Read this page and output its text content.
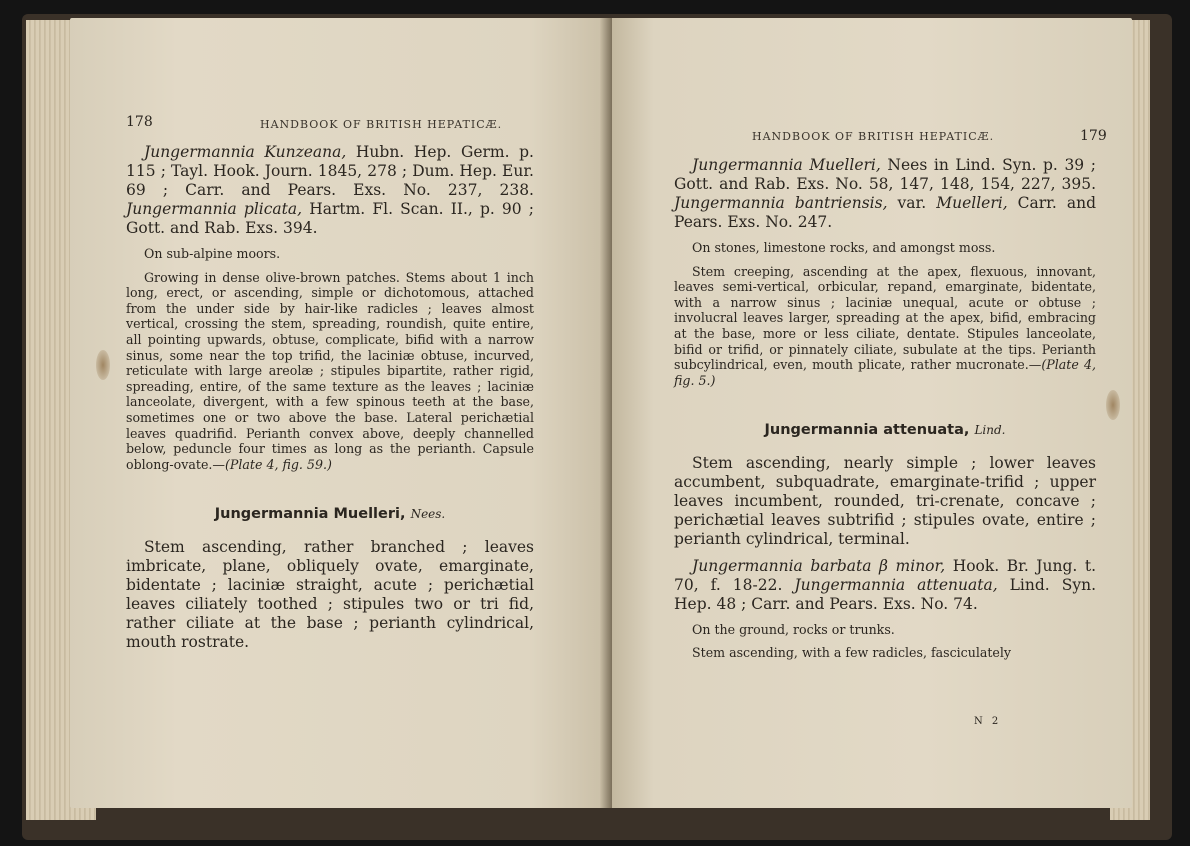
178	HANDBOOK OF BRITISH HEPATICÆ.

Jungermannia Kunzeana, Hubn. Hep. Germ. p. 115 ; Tayl. Hook. Journ. 1845, 278 ; Dum. Hep. Eur. 69 ; Carr. and Pears. Exs. No. 237, 238. Jungermannia plicata, Hartm. Fl. Scan. II., p. 90 ; Gott. and Rab. Exs. 394.

On sub-alpine moors.

Growing in dense olive-brown patches. Stems about 1 inch long, erect, or ascending, simple or dichotomous, attached from the under side by hair-like radicles ; leaves almost vertical, crossing the stem, spreading, roundish, quite entire, all pointing upwards, obtuse, complicate, bifid with a narrow sinus, some near the top trifid, the laciniæ obtuse, incurved, reticulate with large areolæ ; stipules bipartite, rather rigid, spreading, entire, of the same texture as the leaves ; laciniæ lanceolate, divergent, with a few spinous teeth at the base, sometimes one or two above the base. Lateral perichætial leaves quadrifid. Perianth convex above, deeply channelled below, peduncle four times as long as the perianth. Capsule oblong-ovate.—(Plate 4, fig. 59.)

Jungermannia Muelleri, Nees.

Stem ascending, rather branched ; leaves imbricate, plane, obliquely ovate, emarginate, bidentate ; laciniæ straight, acute ; perichætial leaves ciliately toothed ; stipules two or tri fid, rather ciliate at the base ; perianth cylindrical, mouth rostrate.

HANDBOOK OF BRITISH HEPATICÆ.	179

Jungermannia Muelleri, Nees in Lind. Syn. p. 39 ; Gott. and Rab. Exs. No. 58, 147, 148, 154, 227, 395. Jungermannia bantriensis, var. Muelleri, Carr. and Pears. Exs. No. 247.

On stones, limestone rocks, and amongst moss.

Stem creeping, ascending at the apex, flexuous, innovant, leaves semi-vertical, orbicular, repand, emarginate, bidentate, with a narrow sinus ; laciniæ unequal, acute or obtuse ; involucral leaves larger, spreading at the apex, bifid, embracing at the base, more or less ciliate, dentate. Stipules lanceolate, bifid or trifid, or pinnately ciliate, subulate at the tips. Perianth subcylindrical, even, mouth plicate, rather mucronate.—(Plate 4, fig. 5.)

Jungermannia attenuata, Lind.

Stem ascending, nearly simple ; lower leaves accumbent, subquadrate, emarginate-trifid ; upper leaves incumbent, rounded, tri-crenate, concave ; perichætial leaves subtrifid ; stipules ovate, entire ; perianth cylindrical, terminal.

Jungermannia barbata β minor, Hook. Br. Jung. t. 70, f. 18-22. Jungermannia attenuata, Lind. Syn. Hep. 48 ; Carr. and Pears. Exs. No. 74.

On the ground, rocks or trunks.

Stem ascending, with a few radicles, fasciculately

N 2
